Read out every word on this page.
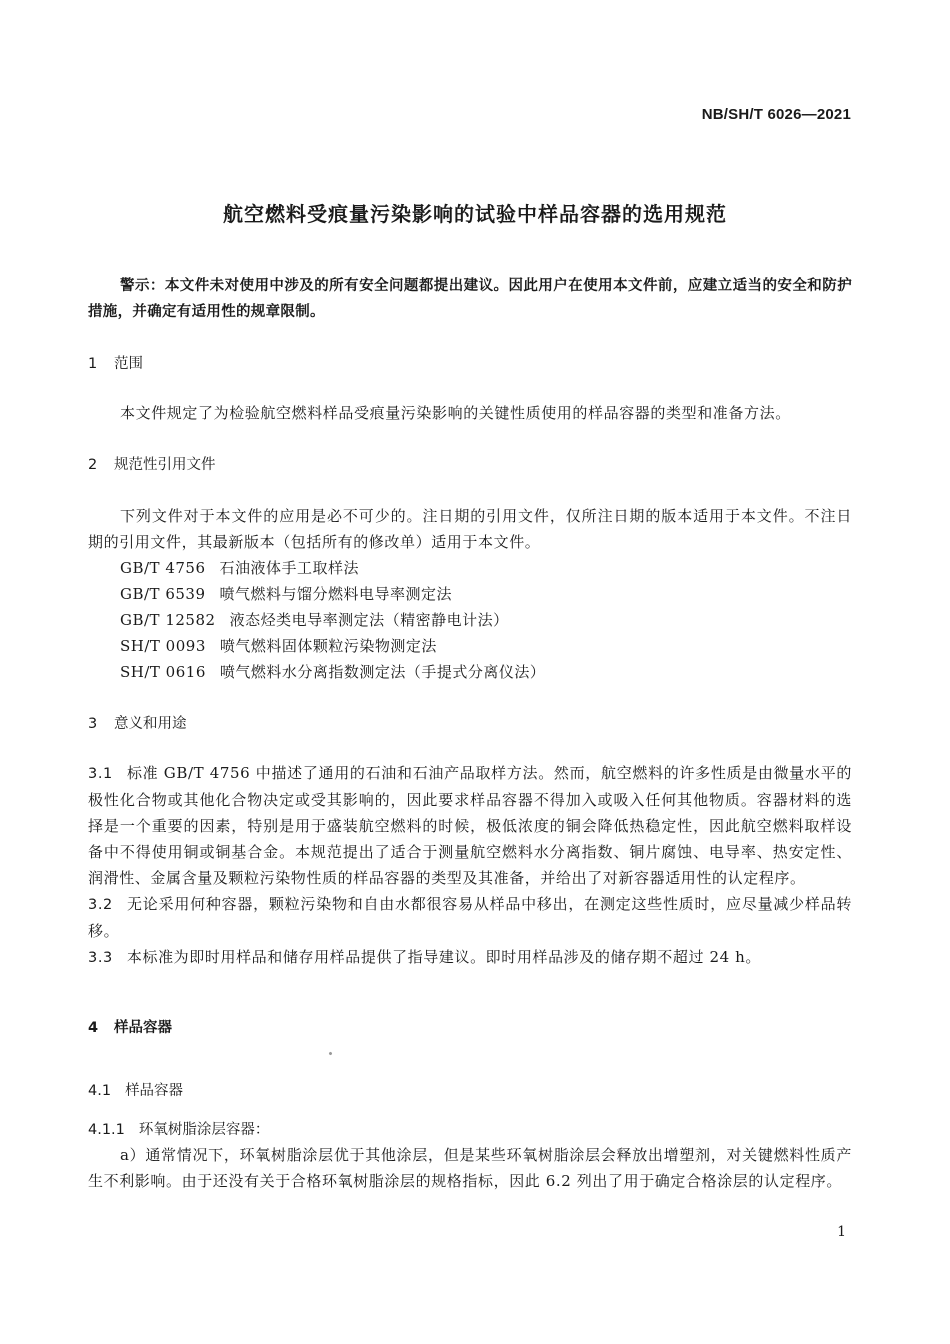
NB/SH/T 6026—2021
航空燃料受痕量污染影响的试验中样品容器的选用规范

警示：本文件未对使用中涉及的所有安全问题都提出建议。因此用户在使用本文件前，应建立适当的安全和防护措施，并确定有适用性的规章限制。

1 范围

本文件规定了为检验航空燃料样品受痕量污染影响的关键性质使用的样品容器的类型和准备方法。

2 规范性引用文件

下列文件对于本文件的应用是必不可少的。注日期的引用文件，仅所注日期的版本适用于本文件。不注日期的引用文件，其最新版本（包括所有的修改单）适用于本文件。

GB/T 4756 石油液体手工取样法
GB/T 6539 喷气燃料与馏分燃料电导率测定法
GB/T 12582 液态烃类电导率测定法（精密静电计法）
SH/T 0093 喷气燃料固体颗粒污染物测定法
SH/T 0616 喷气燃料水分离指数测定法（手提式分离仪法）

3 意义和用途

3.1 标准 GB/T 4756 中描述了通用的石油和石油产品取样方法。然而，航空燃料的许多性质是由微量水平的极性化合物或其他化合物决定或受其影响的，因此要求样品容器不得加入或吸入任何其他物质。容器材料的选择是一个重要的因素，特别是用于盛装航空燃料的时候，极低浓度的铜会降低热稳定性，因此航空燃料取样设备中不得使用铜或铜基合金。本规范提出了适合于测量航空燃料水分离指数、铜片腐蚀、电导率、热安定性、润滑性、金属含量及颗粒污染物性质的样品容器的类型及其准备，并给出了对新容器适用性的认定程序。

3.2 无论采用何种容器，颗粒污染物和自由水都很容易从样品中移出，在测定这些性质时，应尽量减少样品转移。

3.3 本标准为即时用样品和储存用样品提供了指导建议。即时用样品涉及的储存期不超过 24 h。

4 样品容器

4.1 样品容器

4.1.1 环氧树脂涂层容器：

a）通常情况下，环氧树脂涂层优于其他涂层，但是某些环氧树脂涂层会释放出增塑剂，对关键燃料性质产生不利影响。由于还没有关于合格环氧树脂涂层的规格指标，因此 6.2 列出了用于确定合格涂层的认定程序。

1
